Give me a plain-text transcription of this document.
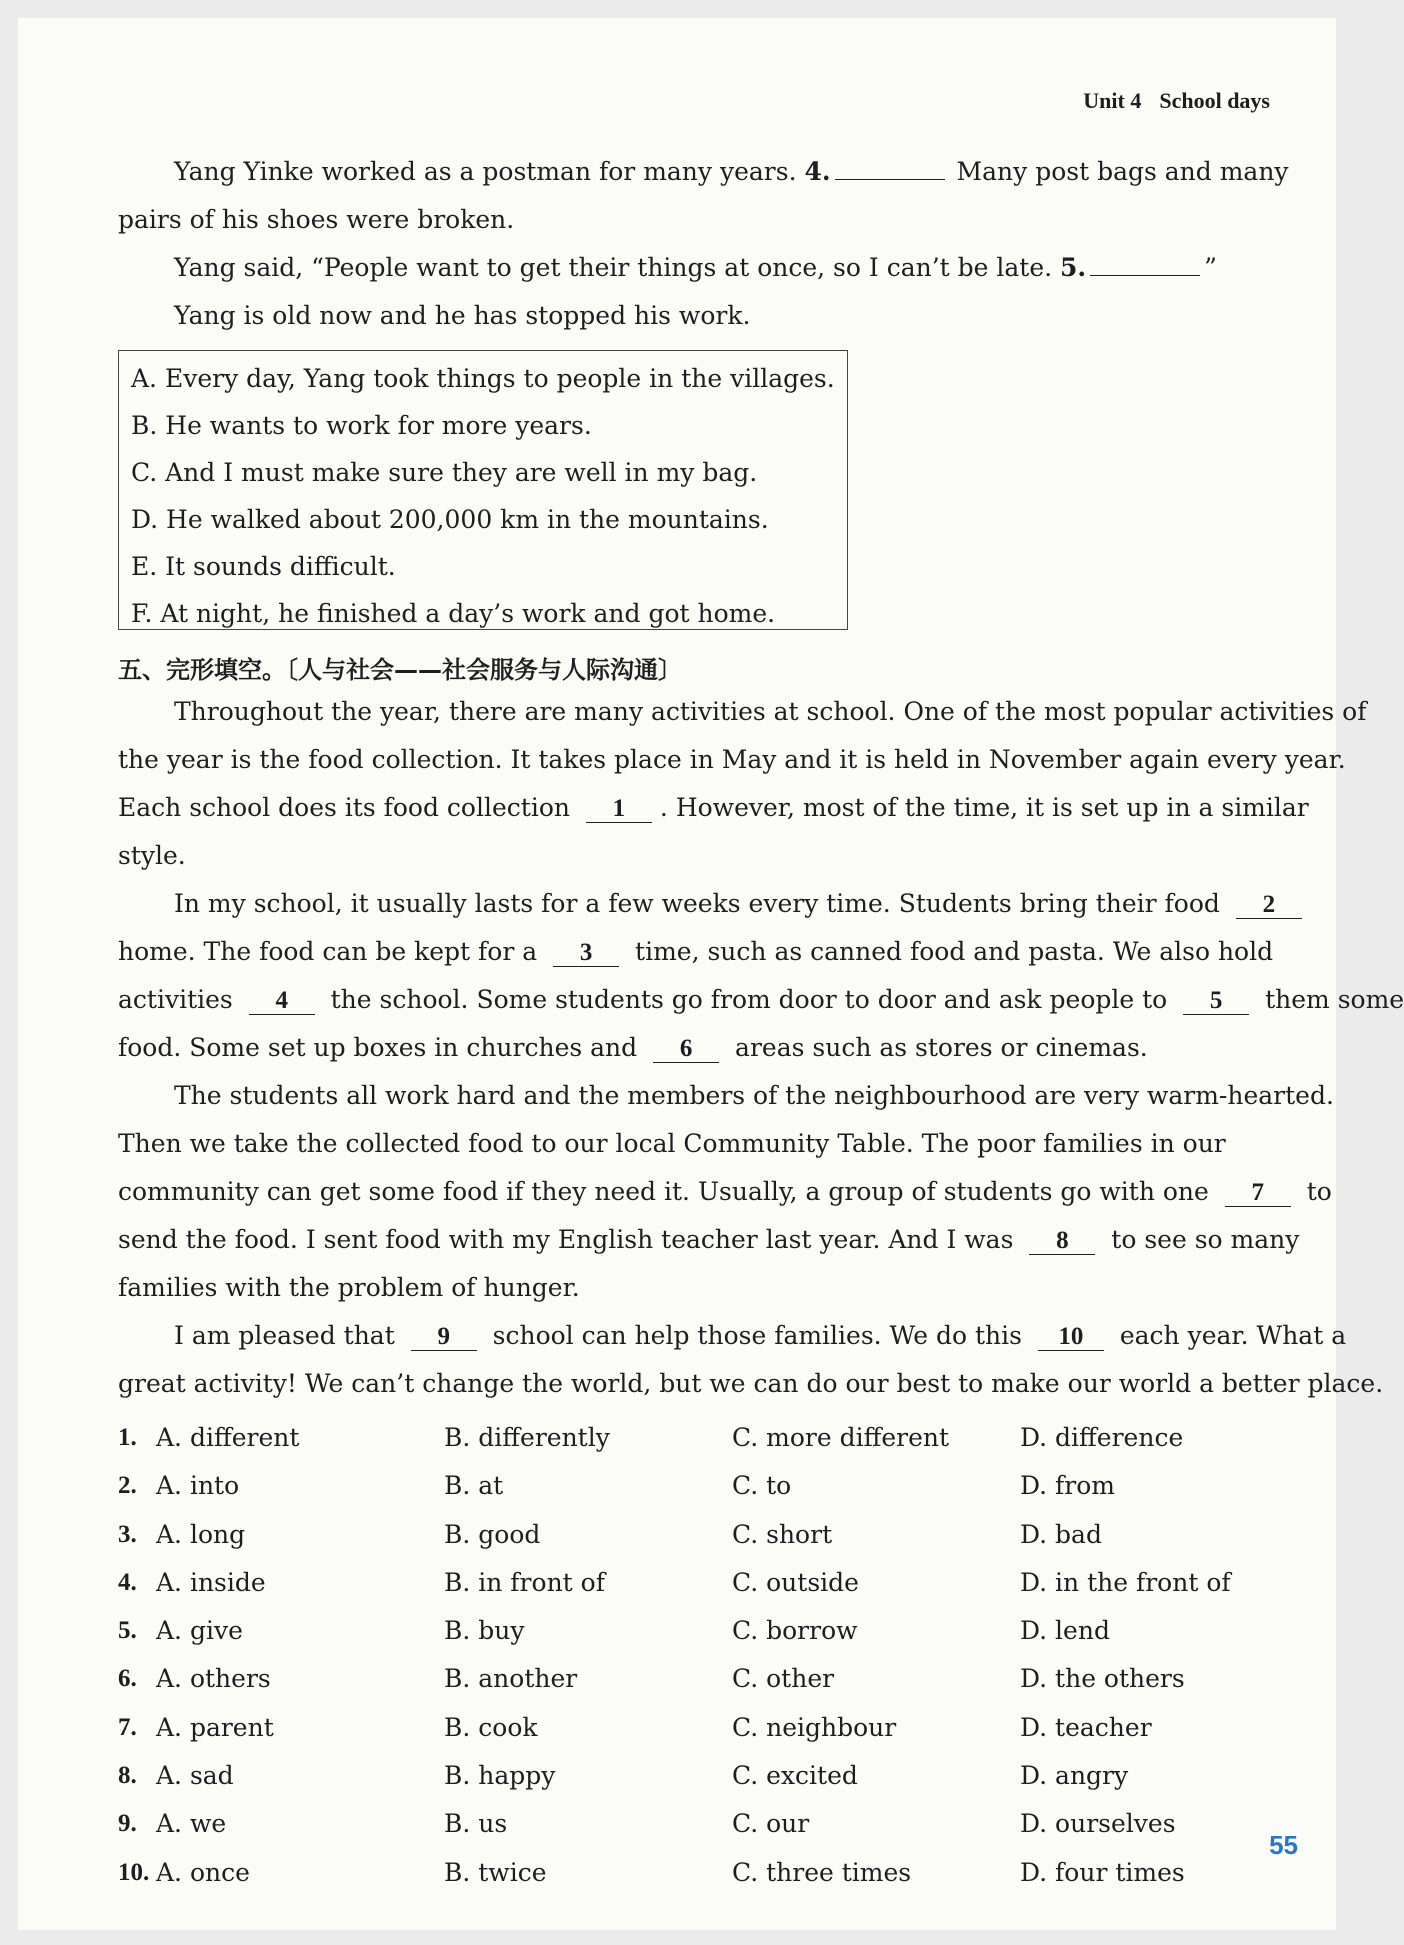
Unit 4 School days
Yang Yinke worked as a postman for many years. 4.	Many post bags and many
pairs of his shoes were broken.
Yang said, “People want to get their things at once, so I can’t be late. 5.	”
Yang is old now and he has stopped his work.
A. Every day, Yang took things to people in the villages.
B. He wants to work for more years.
C. And I must make sure they are well in my bag.
D. He walked about 200,000 km in the mountains.
E. It sounds difficult.
F. At night, he finished a day’s work and got home.
五、完形填空。〔人与社会——社会服务与人际沟通〕
Throughout the year, there are many activities at school. One of the most popular activities of
the year is the food collection. It takes place in May and it is held in November again every year.
Each school does its food collection 1 . However, most of the time, it is set up in a similar
style.
In my school, it usually lasts for a few weeks every time. Students bring their food 2
home. The food can be kept for a 3 time, such as canned food and pasta. We also hold
activities 4 the school. Some students go from door to door and ask people to 5 them some
food. Some set up boxes in churches and 6 areas such as stores or cinemas.
The students all work hard and the members of the neighbourhood are very warm-hearted.
Then we take the collected food to our local Community Table. The poor families in our
community can get some food if they need it. Usually, a group of students go with one 7 to
send the food. I sent food with my English teacher last year. And I was 8 to see so many
families with the problem of hunger.
I am pleased that 9 school can help those families. We do this 10 each year. What a
great activity! We can’t change the world, but we can do our best to make our world a better place.
1. A. different	B. differently	C. more different	D. difference
2. A. into	B. at	C. to	D. from
3. A. long	B. good	C. short	D. bad
4. A. inside	B. in front of	C. outside	D. in the front of
5. A. give	B. buy	C. borrow	D. lend
6. A. others	B. another	C. other	D. the others
7. A. parent	B. cook	C. neighbour	D. teacher
8. A. sad	B. happy	C. excited	D. angry
9. A. we	B. us	C. our	D. ourselves
10. A. once	B. twice	C. three times	D. four times
55
